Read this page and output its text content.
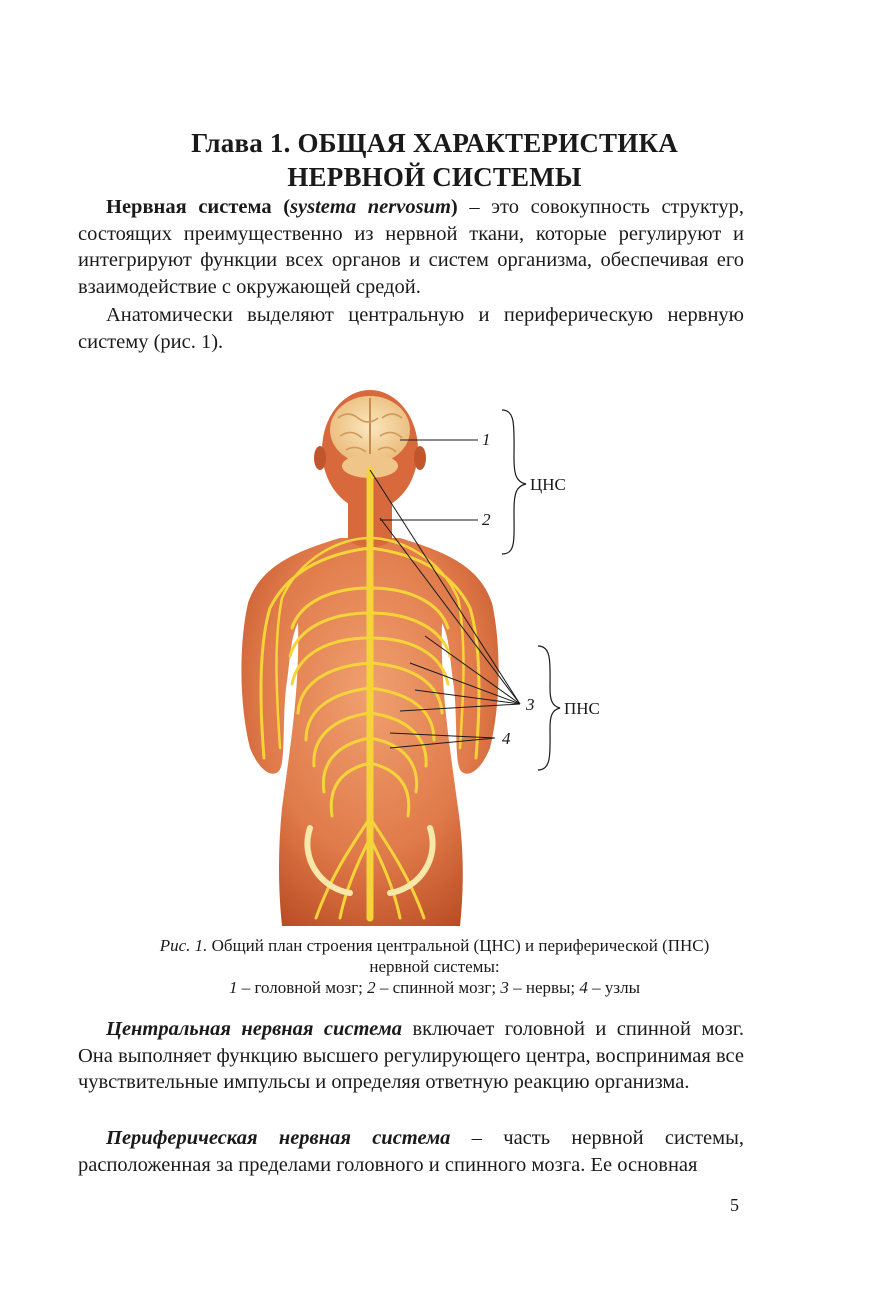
Глава 1. ОБЩАЯ ХАРАКТЕРИСТИКА
НЕРВНОЙ СИСТЕМЫ

Нервная система (systema nervosum) – это совокупность структур, состоящих преимущественно из нервной ткани, которые регулируют и интегрируют функции всех органов и систем организма, обеспечивая его взаимодействие с окружающей средой.

Анатомически выделяют центральную и периферическую нервную систему (рис. 1).

1
2
3
4
ЦНС
ПНС
Рис. 1. Общий план строения центральной (ЦНС) и периферической (ПНС)
нервной системы:
1 – головной мозг; 2 – спинной мозг; 3 – нервы; 4 – узлы

Центральная нервная система включает головной и спинной мозг. Она выполняет функцию высшего регулирующего центра, воспринимая все чувствительные импульсы и определяя ответную реакцию организма.

Периферическая нервная система – часть нервной системы, расположенная за пределами головного и спинного мозга. Ее основная

5
